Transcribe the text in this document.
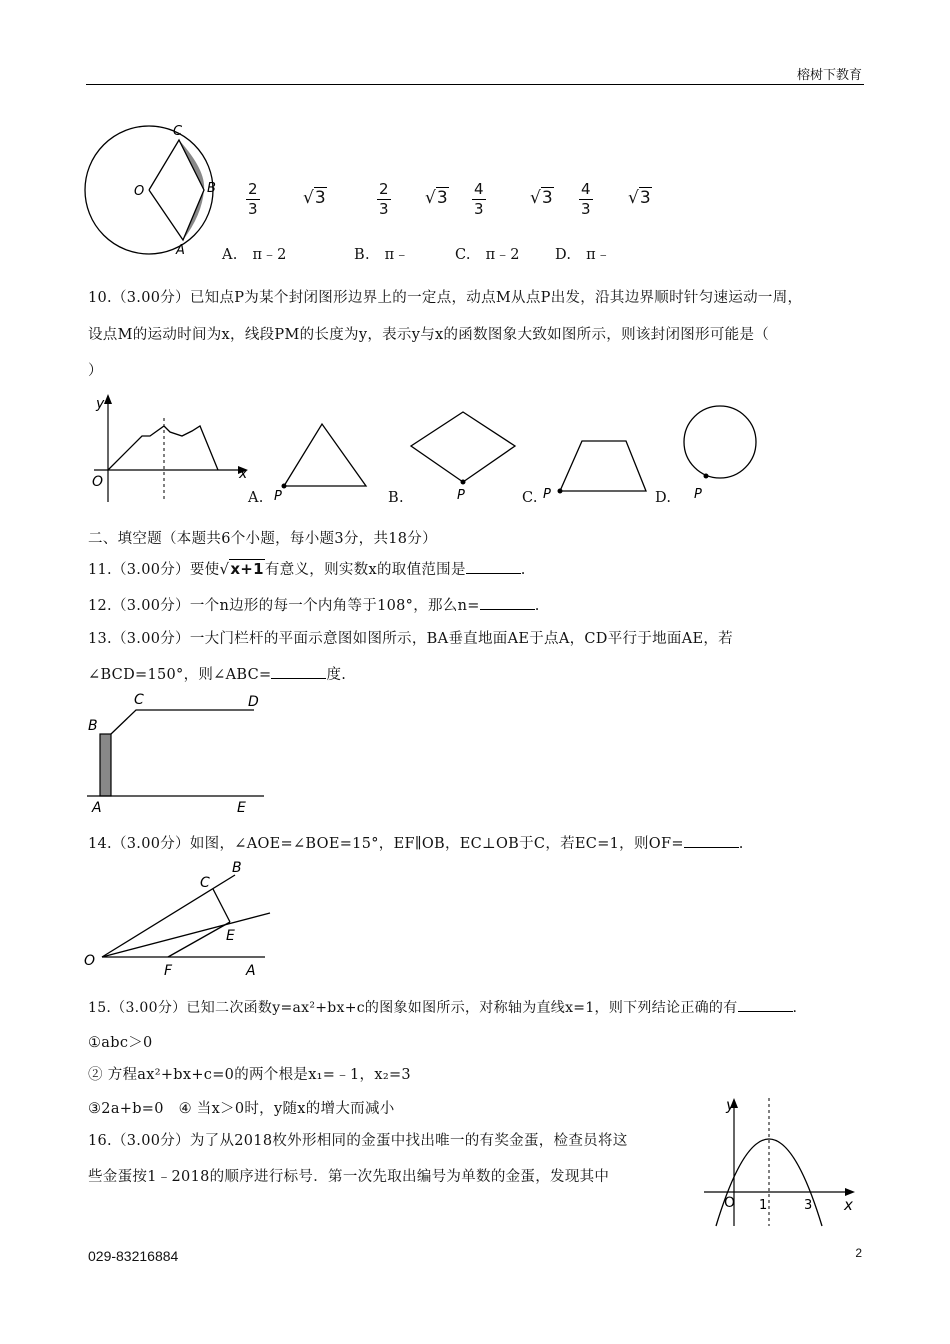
榕树下教育
C
O	B
A
$\frac{2}{3}$	√3	$\frac{2}{3} √3 \frac{4}{3}$	$√3 \frac{4}{3} √3$
A.　π﹣2	B.　π﹣	C.　π﹣2 D.　π﹣
10.（3.00分）已知点P为某个封闭图形边界上的一定点，动点M从点P出发，沿其边界顺时针匀速运动一周，
设点M的运动时间为x，线段PM的长度为y，表示y与x的函数图象大致如图所示，则该封闭图形可能是（
）
y
x
O
A. P	B.	P	C. P	D. P
二、填空题（本题共6个小题，每小题3分，共18分）
11.（3.00分）要使√x+1有意义，则实数x的取值范围是	.
12.（3.00分）一个n边形的每一个内角等于108°，那么n=	.
13.（3.00分）一大门栏杆的平面示意图如图所示，BA垂直地面AE于点A，CD平行于地面AE，若
∠BCD=150°，则∠ABC=	度.
B
C	D
A	E
14.（3.00分）如图，∠AOE=∠BOE=15°，EF∥OB，EC⊥OB于C，若EC=1，则OF=	.
B
C
E
O
F	A
15.（3.00分）已知二次函数y=ax²+bx+c的图象如图所示，对称轴为直线x=1，则下列结论正确的有	.
①abc＞0
② 方程ax²+bx+c=0的两个根是x₁=﹣1，x₂=3
③2a+b=0　④ 当x＞0时，y随x的增大而减小	y
x
O 1	3
16.（3.00分）为了从2018枚外形相同的金蛋中找出唯一的有奖金蛋，检查员将这
些金蛋按1﹣2018的顺序进行标号．第一次先取出编号为单数的金蛋，发现其中
029-83216884	2
